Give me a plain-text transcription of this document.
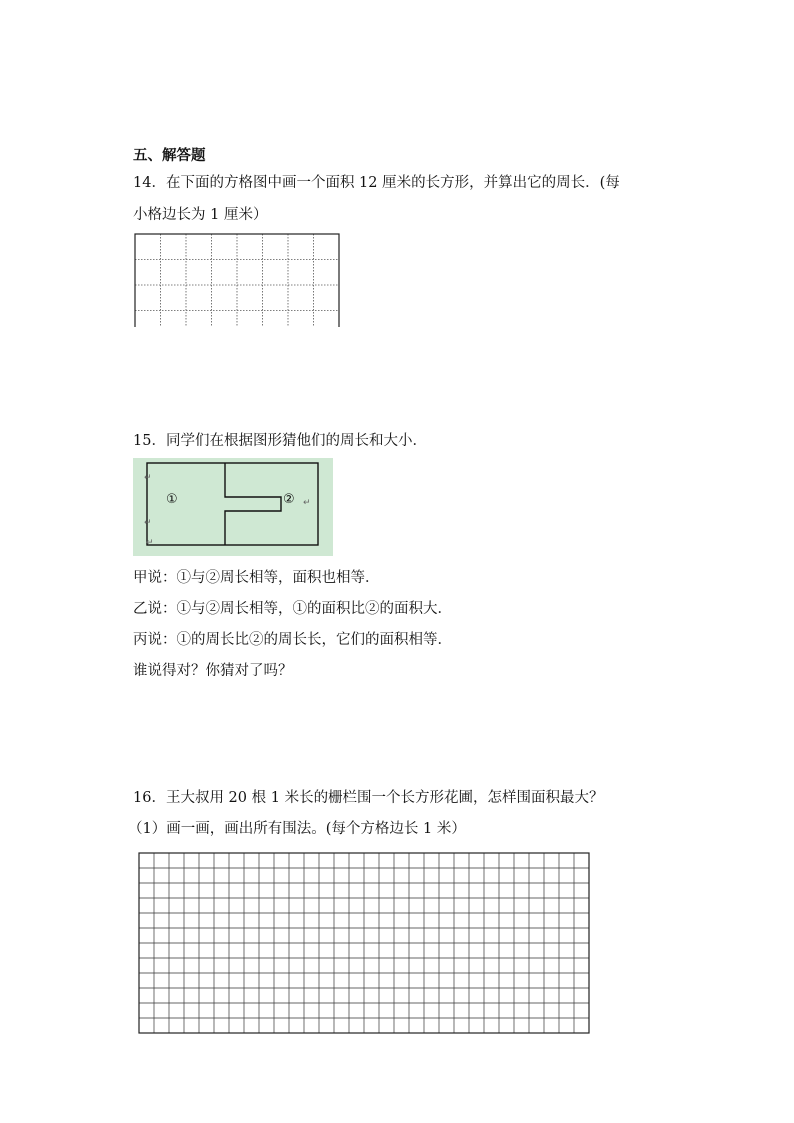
五、解答题
14．在下面的方格图中画一个面积 12 厘米的长方形，并算出它的周长．(每
小格边长为 1 厘米）
15．同学们在根据图形猜他们的周长和大小．
①	② ↵
↵
↵
↵
甲说：①与②周长相等，面积也相等．
乙说：①与②周长相等，①的面积比②的面积大．
丙说：①的周长比②的周长长，它们的面积相等．
谁说得对？你猜对了吗？
16．王大叔用 20 根 1 米长的栅栏围一个长方形花圃，怎样围面积最大？
（1）画一画，画出所有围法。(每个方格边长 1 米）
